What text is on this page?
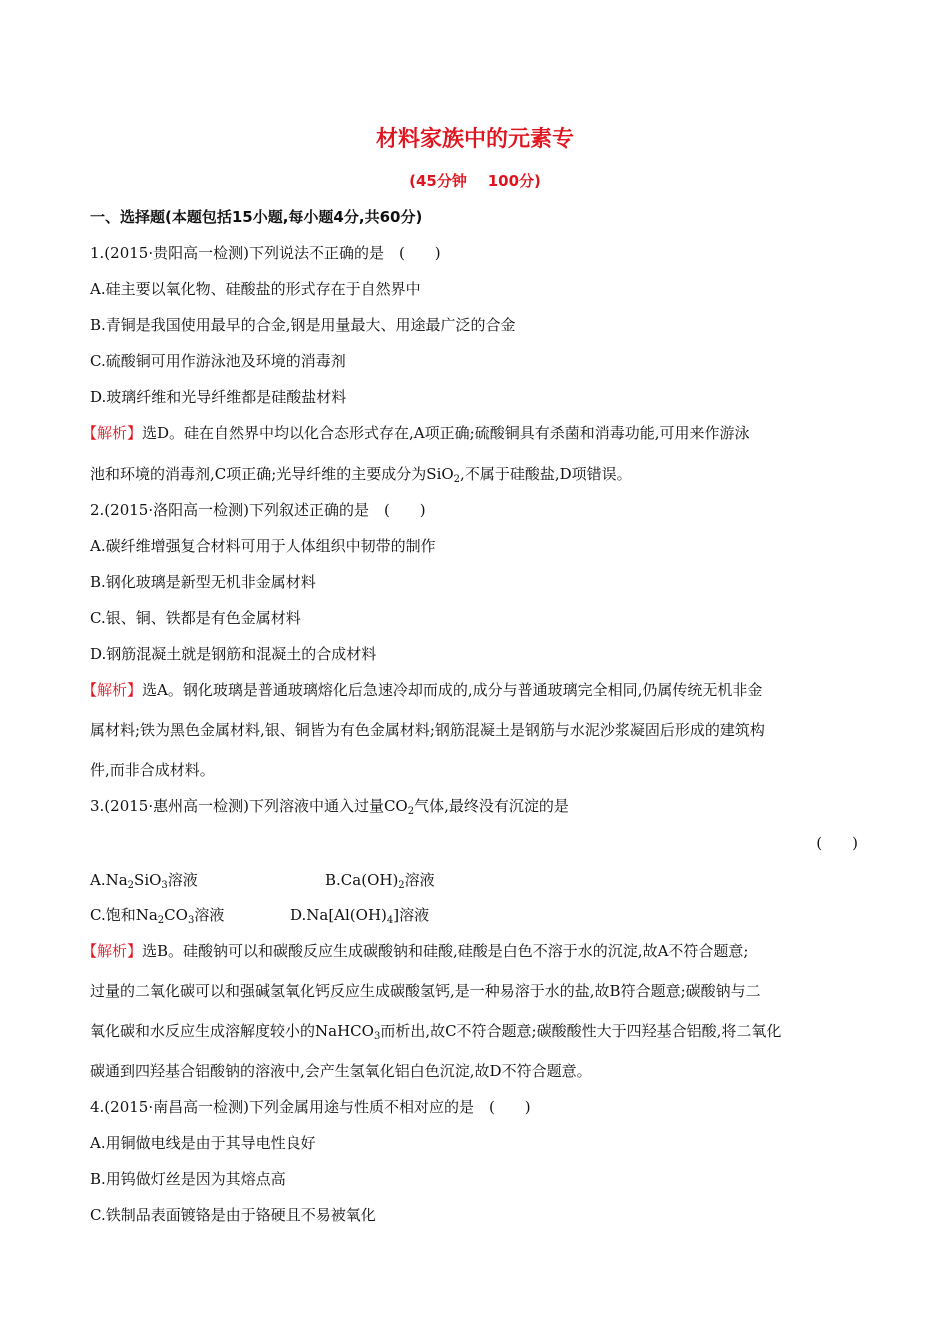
材料家族中的元素专
(45分钟    100分)
一、选择题(本题包括15小题,每小题4分,共60分)
1.(2015·贵阳高一检测)下列说法不正确的是　(　　)
A.硅主要以氧化物、硅酸盐的形式存在于自然界中
B.青铜是我国使用最早的合金,钢是用量最大、用途最广泛的合金
C.硫酸铜可用作游泳池及环境的消毒剂
D.玻璃纤维和光导纤维都是硅酸盐材料
【解析】选D。硅在自然界中均以化合态形式存在,A项正确;硫酸铜具有杀菌和消毒功能,可用来作游泳
池和环境的消毒剂,C项正确;光导纤维的主要成分为SiO$_2$,不属于硅酸盐,D项错误。
2.(2015·洛阳高一检测)下列叙述正确的是　(　　)
A.碳纤维增强复合材料可用于人体组织中韧带的制作
B.钢化玻璃是新型无机非金属材料
C.银、铜、铁都是有色金属材料
D.钢筋混凝土就是钢筋和混凝土的合成材料
【解析】选A。钢化玻璃是普通玻璃熔化后急速冷却而成的,成分与普通玻璃完全相同,仍属传统无机非金
属材料;铁为黑色金属材料,银、铜皆为有色金属材料;钢筋混凝土是钢筋与水泥沙浆凝固后形成的建筑构
件,而非合成材料。
3.(2015·惠州高一检测)下列溶液中通入过量$CO_2$气体,最终没有沉淀的是
(　　)
$A.Na_2SiO_3$溶液	$B.Ca(OH)_2$溶液
C.饱和$Na_2CO_3$溶液	$D.Na[Al(OH)_4]$溶液
【解析】选B。硅酸钠可以和碳酸反应生成碳酸钠和硅酸,硅酸是白色不溶于水的沉淀,故A不符合题意;
过量的二氧化碳可以和强碱氢氧化钙反应生成碳酸氢钙,是一种易溶于水的盐,故B符合题意;碳酸钠与二
氧化碳和水反应生成溶解度较小的NaHCO$_3$而析出,故C不符合题意;碳酸酸性大于四羟基合铝酸,将二氧化
碳通到四羟基合铝酸钠的溶液中,会产生氢氧化铝白色沉淀,故D不符合题意。
4.(2015·南昌高一检测)下列金属用途与性质不相对应的是　(　　)
A.用铜做电线是由于其导电性良好
B.用钨做灯丝是因为其熔点高
C.铁制品表面镀铬是由于铬硬且不易被氧化
